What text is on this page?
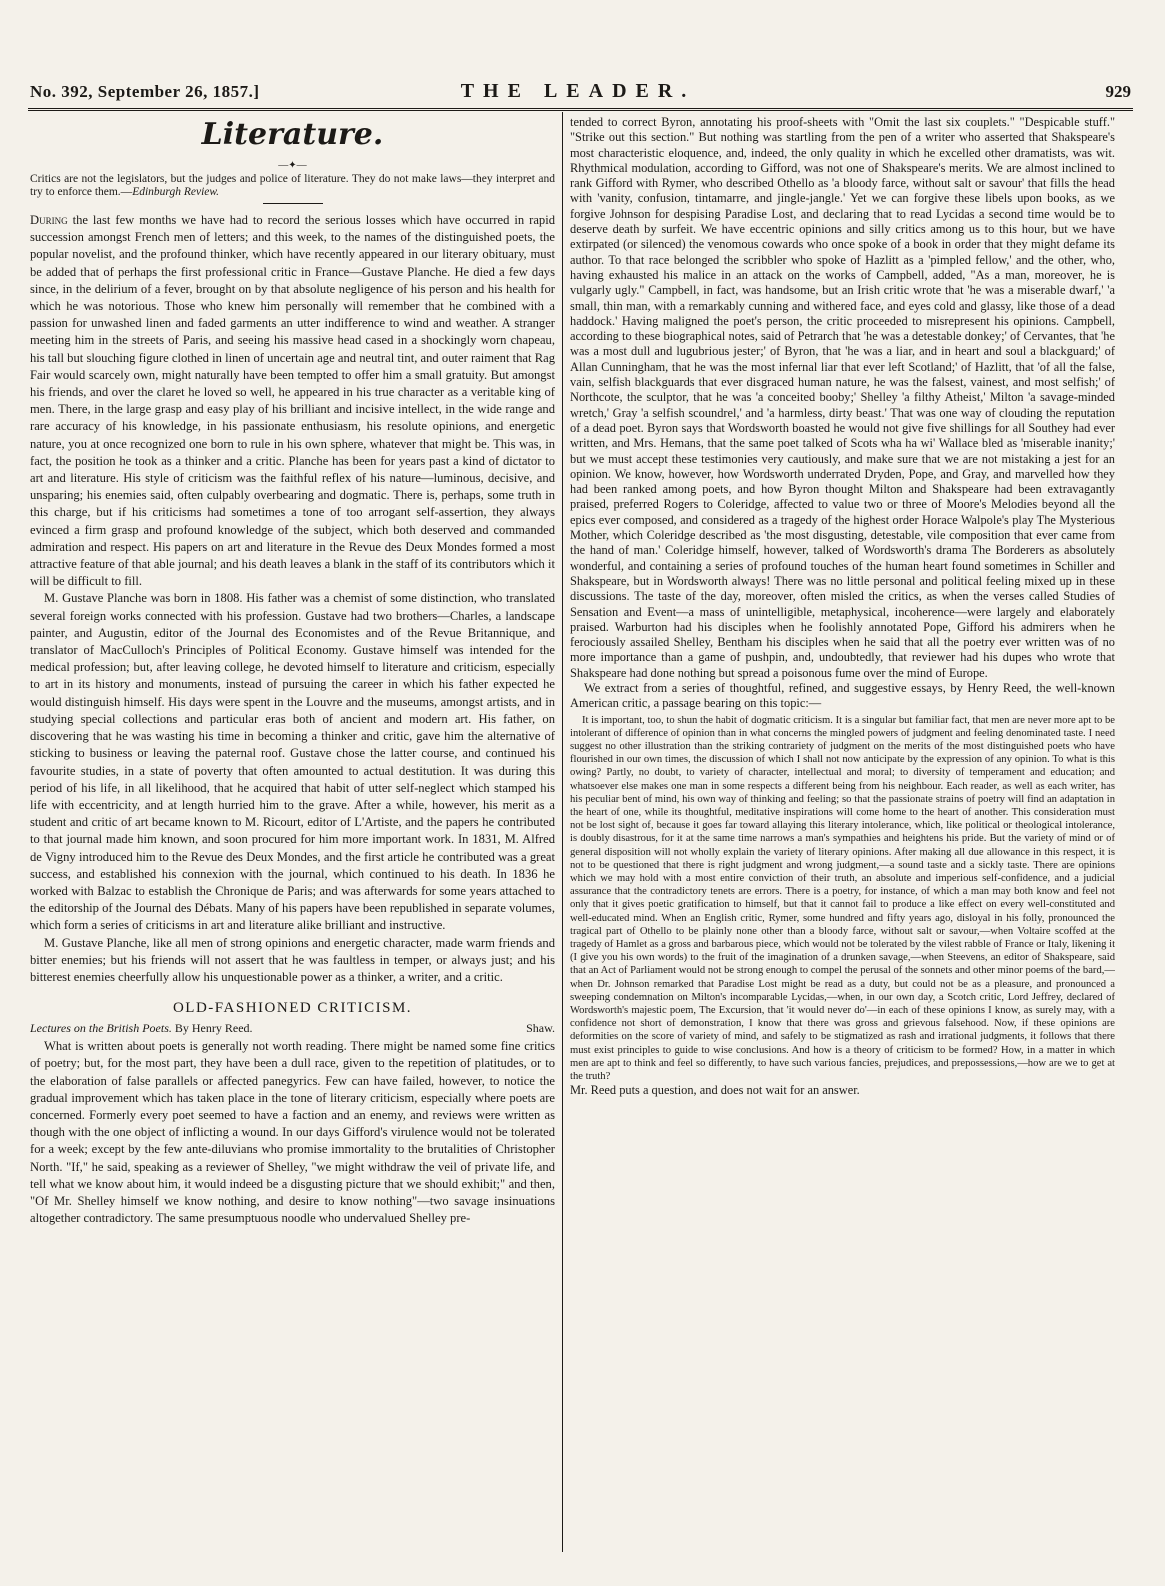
No. 392, September 26, 1857.]	THE LEADER.	929
Literature.
—✦—

Critics are not the legislators, but the judges and police of literature. They do not make laws—they interpret and try to enforce them.—Edinburgh Review.

During the last few months we have had to record the serious losses which have occurred in rapid succession amongst French men of letters; and this week, to the names of the distinguished poets, the popular novelist, and the profound thinker, which have recently appeared in our literary obituary, must be added that of perhaps the first professional critic in France—Gustave Planche. He died a few days since, in the delirium of a fever, brought on by that absolute negligence of his person and his health for which he was notorious. Those who knew him personally will remember that he combined with a passion for unwashed linen and faded garments an utter indifference to wind and weather. A stranger meeting him in the streets of Paris, and seeing his massive head cased in a shockingly worn chapeau, his tall but slouching figure clothed in linen of uncertain age and neutral tint, and outer raiment that Rag Fair would scarcely own, might naturally have been tempted to offer him a small gratuity. But amongst his friends, and over the claret he loved so well, he appeared in his true character as a veritable king of men. There, in the large grasp and easy play of his brilliant and incisive intellect, in the wide range and rare accuracy of his knowledge, in his passionate enthusiasm, his resolute opinions, and energetic nature, you at once recognized one born to rule in his own sphere, whatever that might be. This was, in fact, the position he took as a thinker and a critic. Planche has been for years past a kind of dictator to art and literature. His style of criticism was the faithful reflex of his nature—luminous, decisive, and unsparing; his enemies said, often culpably overbearing and dogmatic. There is, perhaps, some truth in this charge, but if his criticisms had sometimes a tone of too arrogant self-assertion, they always evinced a firm grasp and profound knowledge of the subject, which both deserved and commanded admiration and respect. His papers on art and literature in the Revue des Deux Mondes formed a most attractive feature of that able journal; and his death leaves a blank in the staff of its contributors which it will be difficult to fill.

M. Gustave Planche was born in 1808. His father was a chemist of some distinction, who translated several foreign works connected with his profession. Gustave had two brothers—Charles, a landscape painter, and Augustin, editor of the Journal des Economistes and of the Revue Britannique, and translator of MacCulloch's Principles of Political Economy. Gustave himself was intended for the medical profession; but, after leaving college, he devoted himself to literature and criticism, especially to art in its history and monuments, instead of pursuing the career in which his father expected he would distinguish himself. His days were spent in the Louvre and the museums, amongst artists, and in studying special collections and particular eras both of ancient and modern art. His father, on discovering that he was wasting his time in becoming a thinker and critic, gave him the alternative of sticking to business or leaving the paternal roof. Gustave chose the latter course, and continued his favourite studies, in a state of poverty that often amounted to actual destitution. It was during this period of his life, in all likelihood, that he acquired that habit of utter self-neglect which stamped his life with eccentricity, and at length hurried him to the grave. After a while, however, his merit as a student and critic of art became known to M. Ricourt, editor of L'Artiste, and the papers he contributed to that journal made him known, and soon procured for him more important work. In 1831, M. Alfred de Vigny introduced him to the Revue des Deux Mondes, and the first article he contributed was a great success, and established his connexion with the journal, which continued to his death. In 1836 he worked with Balzac to establish the Chronique de Paris; and was afterwards for some years attached to the editorship of the Journal des Débats. Many of his papers have been republished in separate volumes, which form a series of criticisms in art and literature alike brilliant and instructive.

M. Gustave Planche, like all men of strong opinions and energetic character, made warm friends and bitter enemies; but his friends will not assert that he was faultless in temper, or always just; and his bitterest enemies cheerfully allow his unquestionable power as a thinker, a writer, and a critic.

OLD-FASHIONED CRITICISM.
Lectures on the British Poets. By Henry Reed.	Shaw.

What is written about poets is generally not worth reading. There might be named some fine critics of poetry; but, for the most part, they have been a dull race, given to the repetition of platitudes, or to the elaboration of false parallels or affected panegyrics. Few can have failed, however, to notice the gradual improvement which has taken place in the tone of literary criticism, especially where poets are concerned. Formerly every poet seemed to have a faction and an enemy, and reviews were written as though with the one object of inflicting a wound. In our days Gifford's virulence would not be tolerated for a week; except by the few ante-diluvians who promise immortality to the brutalities of Christopher North. "If," he said, speaking as a reviewer of Shelley, "we might withdraw the veil of private life, and tell what we know about him, it would indeed be a disgusting picture that we should exhibit;" and then, "Of Mr. Shelley himself we know nothing, and desire to know nothing"—two savage insinuations altogether contradictory. The same presumptuous noodle who undervalued Shelley pre-

tended to correct Byron, annotating his proof-sheets with "Omit the last six couplets." "Despicable stuff." "Strike out this section." But nothing was startling from the pen of a writer who asserted that Shakspeare's most characteristic eloquence, and, indeed, the only quality in which he excelled other dramatists, was wit. Rhythmical modulation, according to Gifford, was not one of Shakspeare's merits. We are almost inclined to rank Gifford with Rymer, who described Othello as 'a bloody farce, without salt or savour' that fills the head with 'vanity, confusion, tintamarre, and jingle-jangle.' Yet we can forgive these libels upon books, as we forgive Johnson for despising Paradise Lost, and declaring that to read Lycidas a second time would be to deserve death by surfeit. We have eccentric opinions and silly critics among us to this hour, but we have extirpated (or silenced) the venomous cowards who once spoke of a book in order that they might defame its author. To that race belonged the scribbler who spoke of Hazlitt as a 'pimpled fellow,' and the other, who, having exhausted his malice in an attack on the works of Campbell, added, "As a man, moreover, he is vulgarly ugly." Campbell, in fact, was handsome, but an Irish critic wrote that 'he was a miserable dwarf,' 'a small, thin man, with a remarkably cunning and withered face, and eyes cold and glassy, like those of a dead haddock.' Having maligned the poet's person, the critic proceeded to misrepresent his opinions. Campbell, according to these biographical notes, said of Petrarch that 'he was a detestable donkey;' of Cervantes, that 'he was a most dull and lugubrious jester;' of Byron, that 'he was a liar, and in heart and soul a blackguard;' of Allan Cunningham, that he was the most infernal liar that ever left Scotland;' of Hazlitt, that 'of all the false, vain, selfish blackguards that ever disgraced human nature, he was the falsest, vainest, and most selfish;' of Northcote, the sculptor, that he was 'a conceited booby;' Shelley 'a filthy Atheist,' Milton 'a savage-minded wretch,' Gray 'a selfish scoundrel,' and 'a harmless, dirty beast.' That was one way of clouding the reputation of a dead poet. Byron says that Wordsworth boasted he would not give five shillings for all Southey had ever written, and Mrs. Hemans, that the same poet talked of Scots wha ha wi' Wallace bled as 'miserable inanity;' but we must accept these testimonies very cautiously, and make sure that we are not mistaking a jest for an opinion. We know, however, how Wordsworth underrated Dryden, Pope, and Gray, and marvelled how they had been ranked among poets, and how Byron thought Milton and Shakspeare had been extravagantly praised, preferred Rogers to Coleridge, affected to value two or three of Moore's Melodies beyond all the epics ever composed, and considered as a tragedy of the highest order Horace Walpole's play The Mysterious Mother, which Coleridge described as 'the most disgusting, detestable, vile composition that ever came from the hand of man.' Coleridge himself, however, talked of Wordsworth's drama The Borderers as absolutely wonderful, and containing a series of profound touches of the human heart found sometimes in Schiller and Shakspeare, but in Wordsworth always! There was no little personal and political feeling mixed up in these discussions. The taste of the day, moreover, often misled the critics, as when the verses called Studies of Sensation and Event—a mass of unintelligible, metaphysical, incoherence—were largely and elaborately praised. Warburton had his disciples when he foolishly annotated Pope, Gifford his admirers when he ferociously assailed Shelley, Bentham his disciples when he said that all the poetry ever written was of no more importance than a game of pushpin, and, undoubtedly, that reviewer had his dupes who wrote that Shakspeare had done nothing but spread a poisonous fume over the mind of Europe.

We extract from a series of thoughtful, refined, and suggestive essays, by Henry Reed, the well-known American critic, a passage bearing on this topic:—

It is important, too, to shun the habit of dogmatic criticism. It is a singular but familiar fact, that men are never more apt to be intolerant of difference of opinion than in what concerns the mingled powers of judgment and feeling denominated taste. I need suggest no other illustration than the striking contrariety of judgment on the merits of the most distinguished poets who have flourished in our own times, the discussion of which I shall not now anticipate by the expression of any opinion. To what is this owing? Partly, no doubt, to variety of character, intellectual and moral; to diversity of temperament and education; and whatsoever else makes one man in some respects a different being from his neighbour. Each reader, as well as each writer, has his peculiar bent of mind, his own way of thinking and feeling; so that the passionate strains of poetry will find an adaptation in the heart of one, while its thoughtful, meditative inspirations will come home to the heart of another. This consideration must not be lost sight of, because it goes far toward allaying this literary intolerance, which, like political or theological intolerance, is doubly disastrous, for it at the same time narrows a man's sympathies and heightens his pride. But the variety of mind or of general disposition will not wholly explain the variety of literary opinions. After making all due allowance in this respect, it is not to be questioned that there is right judgment and wrong judgment,—a sound taste and a sickly taste. There are opinions which we may hold with a most entire conviction of their truth, an absolute and imperious self-confidence, and a judicial assurance that the contradictory tenets are errors. There is a poetry, for instance, of which a man may both know and feel not only that it gives poetic gratification to himself, but that it cannot fail to produce a like effect on every well-constituted and well-educated mind. When an English critic, Rymer, some hundred and fifty years ago, disloyal in his folly, pronounced the tragical part of Othello to be plainly none other than a bloody farce, without salt or savour,—when Voltaire scoffed at the tragedy of Hamlet as a gross and barbarous piece, which would not be tolerated by the vilest rabble of France or Italy, likening it (I give you his own words) to the fruit of the imagination of a drunken savage,—when Steevens, an editor of Shakspeare, said that an Act of Parliament would not be strong enough to compel the perusal of the sonnets and other minor poems of the bard,—when Dr. Johnson remarked that Paradise Lost might be read as a duty, but could not be as a pleasure, and pronounced a sweeping condemnation on Milton's incomparable Lycidas,—when, in our own day, a Scotch critic, Lord Jeffrey, declared of Wordsworth's majestic poem, The Excursion, that 'it would never do'—in each of these opinions I know, as surely may, with a confidence not short of demonstration, I know that there was gross and grievous falsehood. Now, if these opinions are deformities on the score of variety of mind, and safely to be stigmatized as rash and irrational judgments, it follows that there must exist principles to guide to wise conclusions. And how is a theory of criticism to be formed? How, in a matter in which men are apt to think and feel so differently, to have such various fancies, prejudices, and prepossessions,—how are we to get at the truth?

Mr. Reed puts a question, and does not wait for an answer.
